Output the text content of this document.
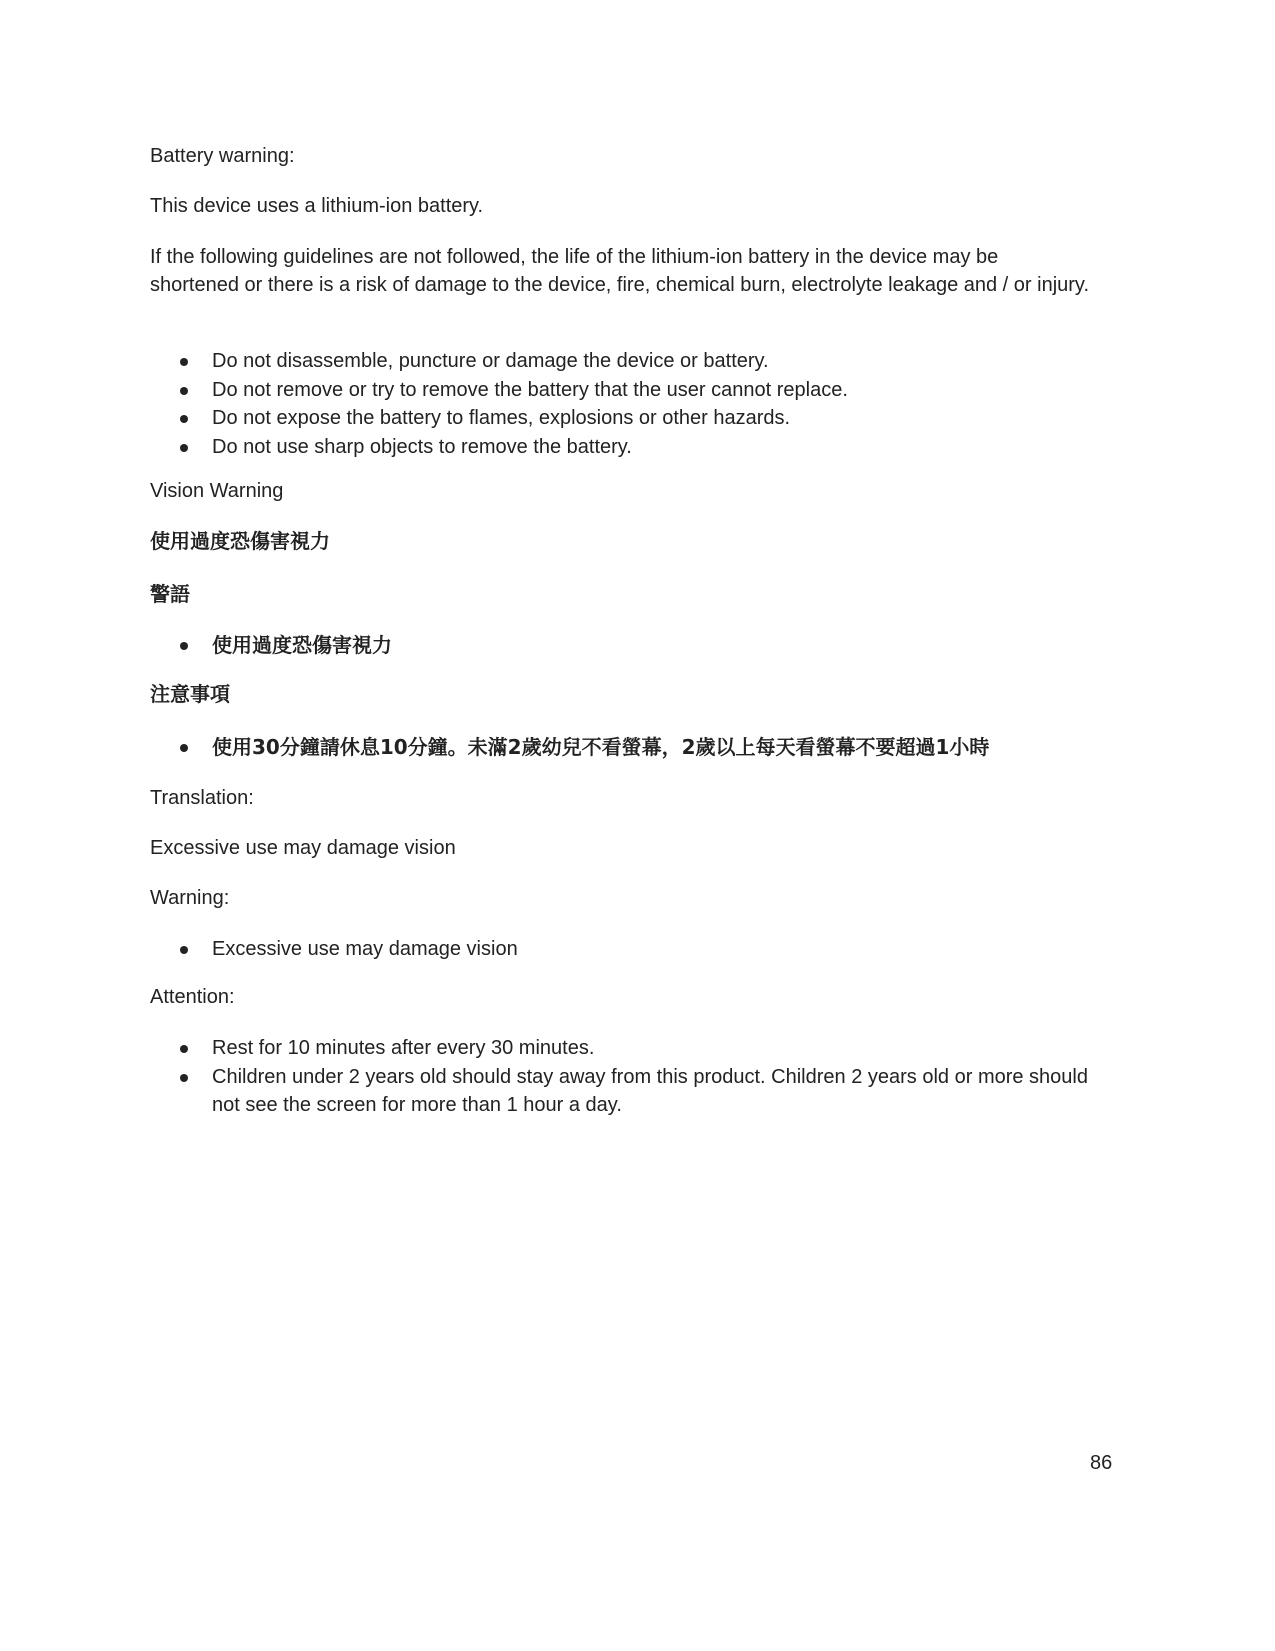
Battery warning:

This device uses a lithium-ion battery.

If the following guidelines are not followed, the life of the lithium-ion battery in the device may be shortened or there is a risk of damage to the device, fire, chemical burn, electrolyte leakage and / or injury.

Do not disassemble, puncture or damage the device or battery.
Do not remove or try to remove the battery that the user cannot replace.
Do not expose the battery to flames, explosions or other hazards.
Do not use sharp objects to remove the battery.

Vision Warning

使用過度恐傷害視力

警語

使用過度恐傷害視力

注意事項

使用30分鐘請休息10分鐘。未滿2歲幼兒不看螢幕，2歲以上每天看螢幕不要超過1小時

Translation:

Excessive use may damage vision

Warning:

Excessive use may damage vision

Attention:

Rest for 10 minutes after every 30 minutes.
Children under 2 years old should stay away from this product. Children 2 years old or more should not see the screen for more than 1 hour a day.
86
